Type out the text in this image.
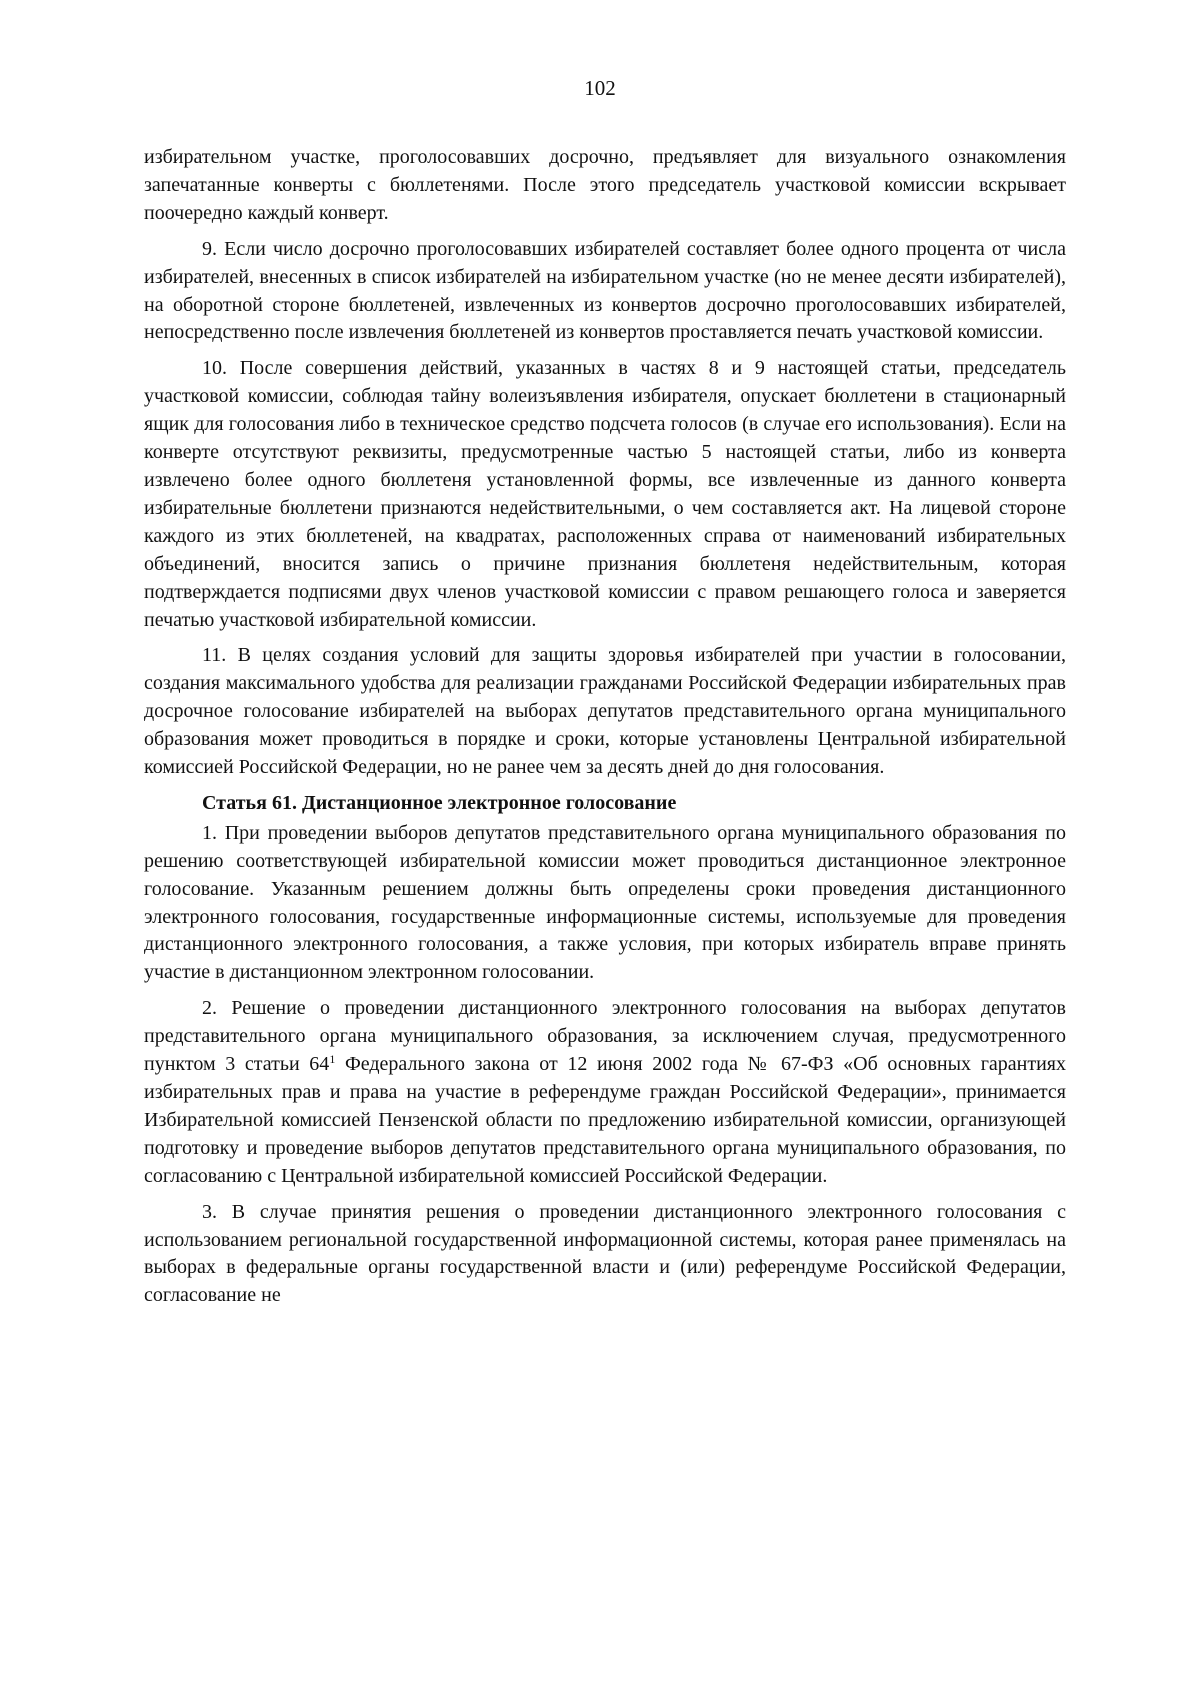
102

избирательном участке, проголосовавших досрочно, предъявляет для визуального ознакомления запечатанные конверты с бюллетенями. После этого председатель участковой комиссии вскрывает поочередно каждый конверт.

9. Если число досрочно проголосовавших избирателей составляет более одного процента от числа избирателей, внесенных в список избирателей на избирательном участке (но не менее десяти избирателей), на оборотной стороне бюллетеней, извлеченных из конвертов досрочно проголосовавших избирателей, непосредственно после извлечения бюллетеней из конвертов проставляется печать участковой комиссии.

10. После совершения действий, указанных в частях 8 и 9 настоящей статьи, председатель участковой комиссии, соблюдая тайну волеизъявления избирателя, опускает бюллетени в стационарный ящик для голосования либо в техническое средство подсчета голосов (в случае его использования). Если на конверте отсутствуют реквизиты, предусмотренные частью 5 настоящей статьи, либо из конверта извлечено более одного бюллетеня установленной формы, все извлеченные из данного конверта избирательные бюллетени признаются недействительными, о чем составляется акт. На лицевой стороне каждого из этих бюллетеней, на квадратах, расположенных справа от наименований избирательных объединений, вносится запись о причине признания бюллетеня недействительным, которая подтверждается подписями двух членов участковой комиссии с правом решающего голоса и заверяется печатью участковой избирательной комиссии.

11. В целях создания условий для защиты здоровья избирателей при участии в голосовании, создания максимального удобства для реализации гражданами Российской Федерации избирательных прав досрочное голосование избирателей на выборах депутатов представительного органа муниципального образования может проводиться в порядке и сроки, которые установлены Центральной избирательной комиссией Российской Федерации, но не ранее чем за десять дней до дня голосования.

Статья 61. Дистанционное электронное голосование

1. При проведении выборов депутатов представительного органа муниципального образования по решению соответствующей избирательной комиссии может проводиться дистанционное электронное голосование. Указанным решением должны быть определены сроки проведения дистанционного электронного голосования, государственные информационные системы, используемые для проведения дистанционного электронного голосования, а также условия, при которых избиратель вправе принять участие в дистанционном электронном голосовании.

2. Решение о проведении дистанционного электронного голосования на выборах депутатов представительного органа муниципального образования, за исключением случая, предусмотренного пунктом 3 статьи $64^1$ Федерального закона от 12 июня 2002 года № 67-ФЗ «Об основных гарантиях избирательных прав и права на участие в референдуме граждан Российской Федерации», принимается Избирательной комиссией Пензенской области по предложению избирательной комиссии, организующей подготовку и проведение выборов депутатов представительного органа муниципального образования, по согласованию с Центральной избирательной комиссией Российской Федерации.

3. В случае принятия решения о проведении дистанционного электронного голосования с использованием региональной государственной информационной системы, которая ранее применялась на выборах в федеральные органы государственной власти и (или) референдуме Российской Федерации, согласование не
